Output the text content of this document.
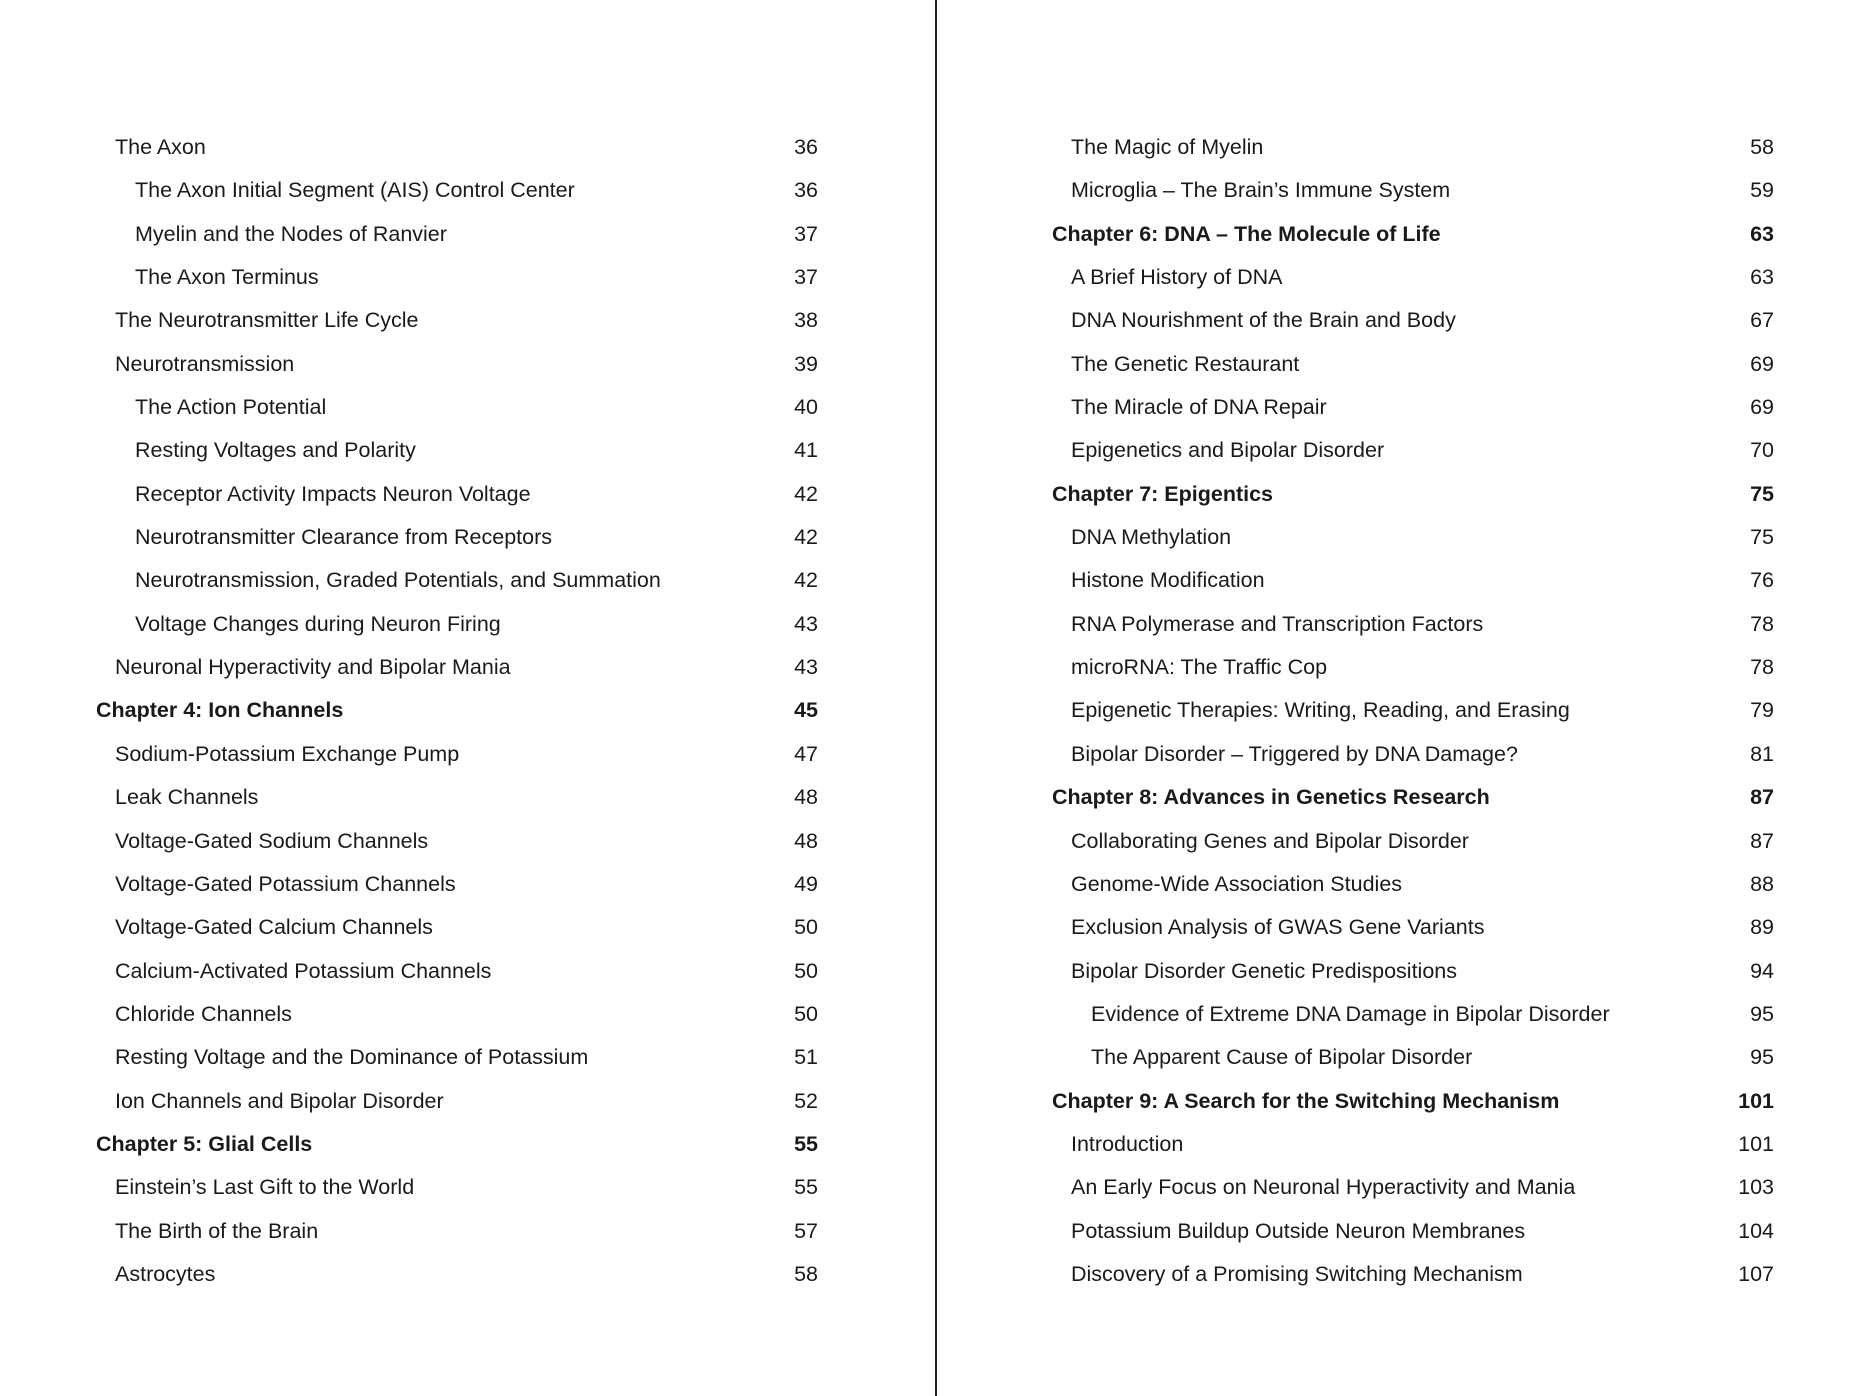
The Axon	36
The Axon Initial Segment (AIS) Control Center	36
Myelin and the Nodes of Ranvier	37
The Axon Terminus	37
The Neurotransmitter Life Cycle	38
Neurotransmission	39
The Action Potential	40
Resting Voltages and Polarity	41
Receptor Activity Impacts Neuron Voltage	42
Neurotransmitter Clearance from Receptors	42
Neurotransmission, Graded Potentials, and Summation	42
Voltage Changes during Neuron Firing	43
Neuronal Hyperactivity and Bipolar Mania	43
Chapter 4: Ion Channels	45
Sodium-Potassium Exchange Pump	47
Leak Channels	48
Voltage-Gated Sodium Channels	48
Voltage-Gated Potassium Channels	49
Voltage-Gated Calcium Channels	50
Calcium-Activated Potassium Channels	50
Chloride Channels	50
Resting Voltage and the Dominance of Potassium	51
Ion Channels and Bipolar Disorder	52
Chapter 5: Glial Cells	55
Einstein’s Last Gift to the World	55
The Birth of the Brain	57
Astrocytes	58
The Magic of Myelin	58
Microglia – The Brain’s Immune System	59
Chapter 6: DNA – The Molecule of Life	63
A Brief History of DNA	63
DNA Nourishment of the Brain and Body	67
The Genetic Restaurant	69
The Miracle of DNA Repair	69
Epigenetics and Bipolar Disorder	70
Chapter 7: Epigentics	75
DNA Methylation	75
Histone Modification	76
RNA Polymerase and Transcription Factors	78
microRNA: The Traffic Cop	78
Epigenetic Therapies: Writing, Reading, and Erasing	79
Bipolar Disorder – Triggered by DNA Damage?	81
Chapter 8: Advances in Genetics Research	87
Collaborating Genes and Bipolar Disorder	87
Genome-Wide Association Studies	88
Exclusion Analysis of GWAS Gene Variants	89
Bipolar Disorder Genetic Predispositions	94
Evidence of Extreme DNA Damage in Bipolar Disorder	95
The Apparent Cause of Bipolar Disorder	95
Chapter 9: A Search for the Switching Mechanism	101
Introduction	101
An Early Focus on Neuronal Hyperactivity and Mania	103
Potassium Buildup Outside Neuron Membranes	104
Discovery of a Promising Switching Mechanism	107
